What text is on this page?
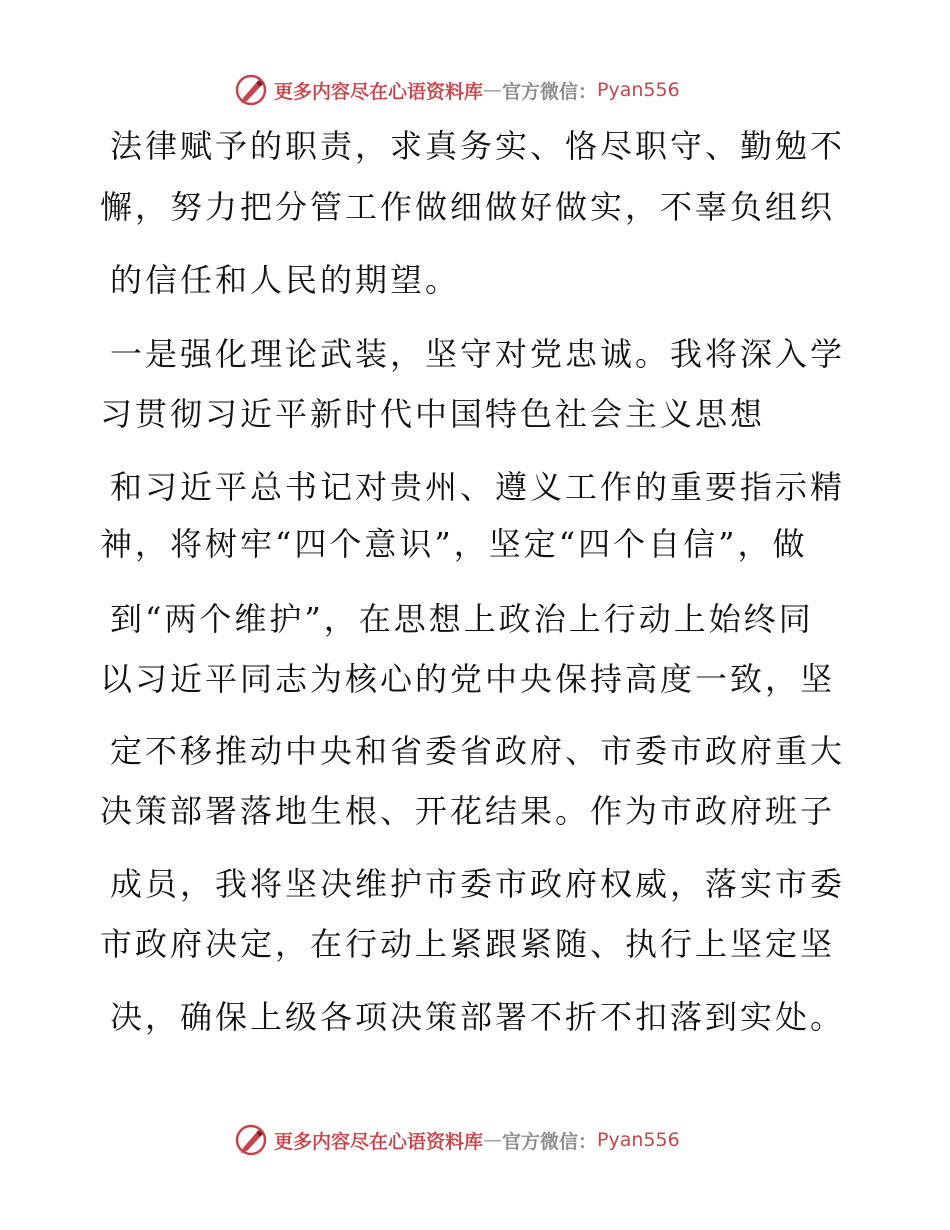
更多内容尽在心语资料库 — 官方微信： Pyan556
法律赋予的职责，求真务实、恪尽职守、勤勉不
懈，努力把分管工作做细做好做实，不辜负组织
的信任和人民的期望。
一是强化理论武装，坚守对党忠诚。我将深入学
习贯彻习近平新时代中国特色社会主义思想
和习近平总书记对贵州、遵义工作的重要指示精
神，将树牢“四个意识”，坚定“四个自信”，做
到“两个维护”，在思想上政治上行动上始终同
以习近平同志为核心的党中央保持高度一致，坚
定不移推动中央和省委省政府、市委市政府重大
决策部署落地生根、开花结果。作为市政府班子
成员，我将坚决维护市委市政府权威，落实市委
市政府决定，在行动上紧跟紧随、执行上坚定坚
决，确保上级各项决策部署不折不扣落到实处。
更多内容尽在心语资料库 — 官方微信： Pyan556
